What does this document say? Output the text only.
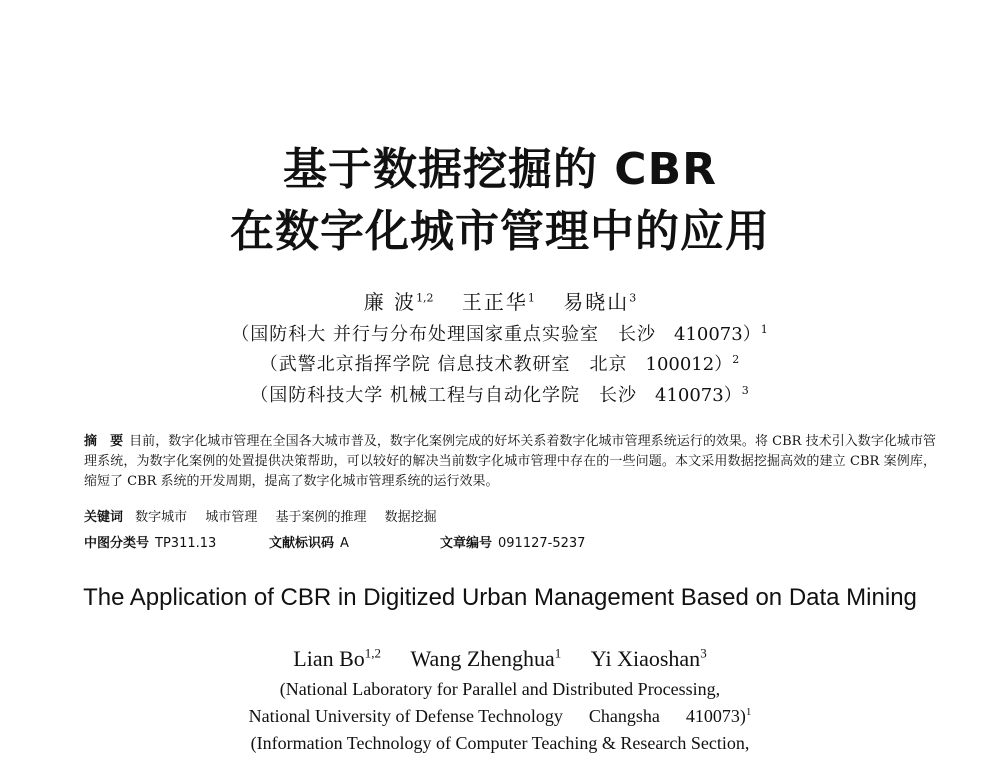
基于数据挖掘的 CBR
在数字化城市管理中的应用
廉 波$^{1,2}$ 王正华$^1$ 易晓山$^3$
（国防科大 并行与分布处理国家重点实验室　长沙 410073）$^1$
（武警北京指挥学院 信息技术教研室　北京 100012）$^2$
（国防科技大学 机械工程与自动化学院　长沙 410073）$^3$
摘　要 目前，数字化城市管理在全国各大城市普及，数字化案例完成的好坏关系着数字化城市管理系统运行的效果。将 CBR 技术引入数字化城市管理系统，为数字化案例的处置提供决策帮助，可以较好的解决当前数字化城市管理中存在的一些问题。本文采用数据挖掘高效的建立 CBR 案例库，缩短了 CBR 系统的开发周期，提高了数字化城市管理系统的运行效果。
关键词 数字城市 城市管理 基于案例的推理 数据挖掘
中图分类号 TP311.13	文献标识码 A	文章编号 091127-5237
The Application of CBR in Digitized Urban Management Based on Data Mining
Lian Bo$^{1,2}$ Wang Zhenghua$^1$ Yi Xiaoshan$^3$
(National Laboratory for Parallel and Distributed Processing,
National University of Defense Technology Changsha 410073)$^1$
(Information Technology of Computer Teaching & Research Section,
